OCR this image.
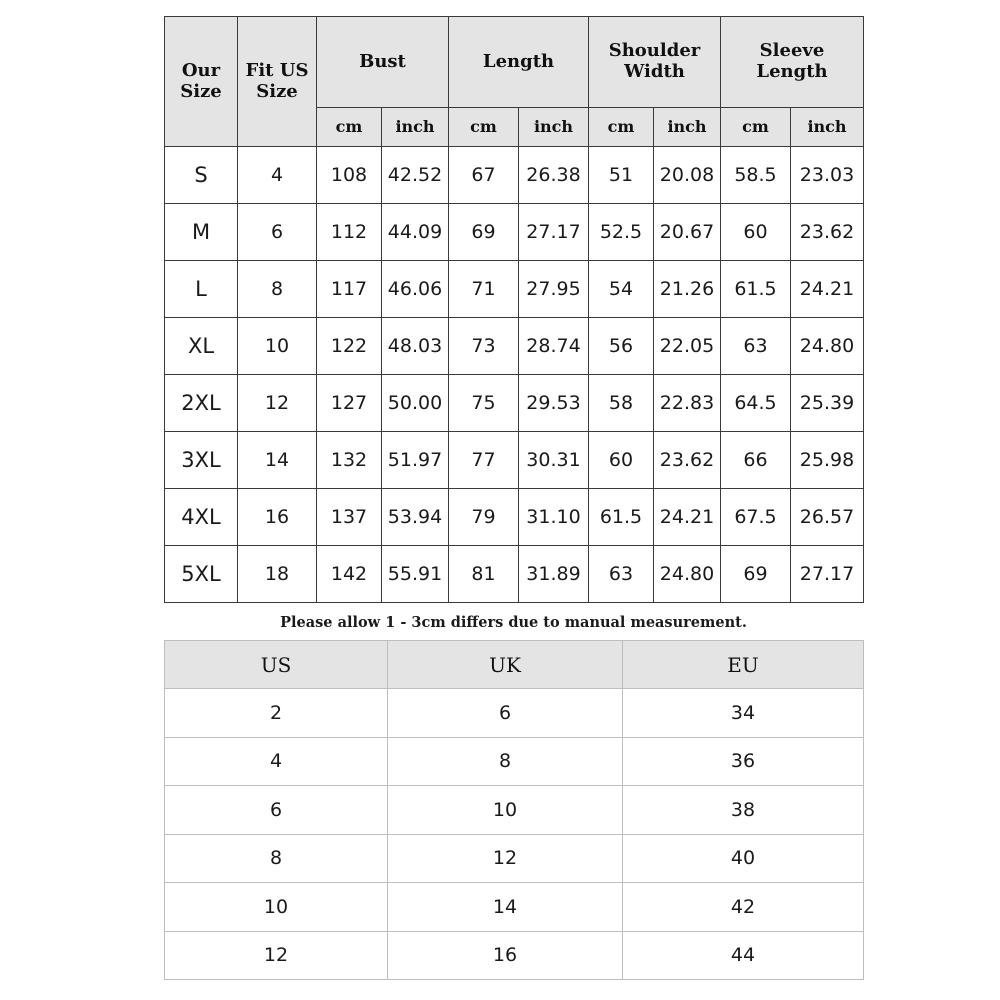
Our Size	Fit US Size	Bust		Length		Shoulder Width		Sleeve Length	
		cm	inch	cm	inch	cm	inch	cm	inch
S	4	108	42.52	67	26.38	51	20.08	58.5	23.03
M	6	112	44.09	69	27.17	52.5	20.67	60	23.62
L	8	117	46.06	71	27.95	54	21.26	61.5	24.21
XL	10	122	48.03	73	28.74	56	22.05	63	24.80
2XL	12	127	50.00	75	29.53	58	22.83	64.5	25.39
3XL	14	132	51.97	77	30.31	60	23.62	66	25.98
4XL	16	137	53.94	79	31.10	61.5	24.21	67.5	26.57
5XL	18	142	55.91	81	31.89	63	24.80	69	27.17
Please allow 1 - 3cm differs due to manual measurement.
US	UK	EU
2	6	34
4	8	36
6	10	38
8	12	40
10	14	42
12	16	44
